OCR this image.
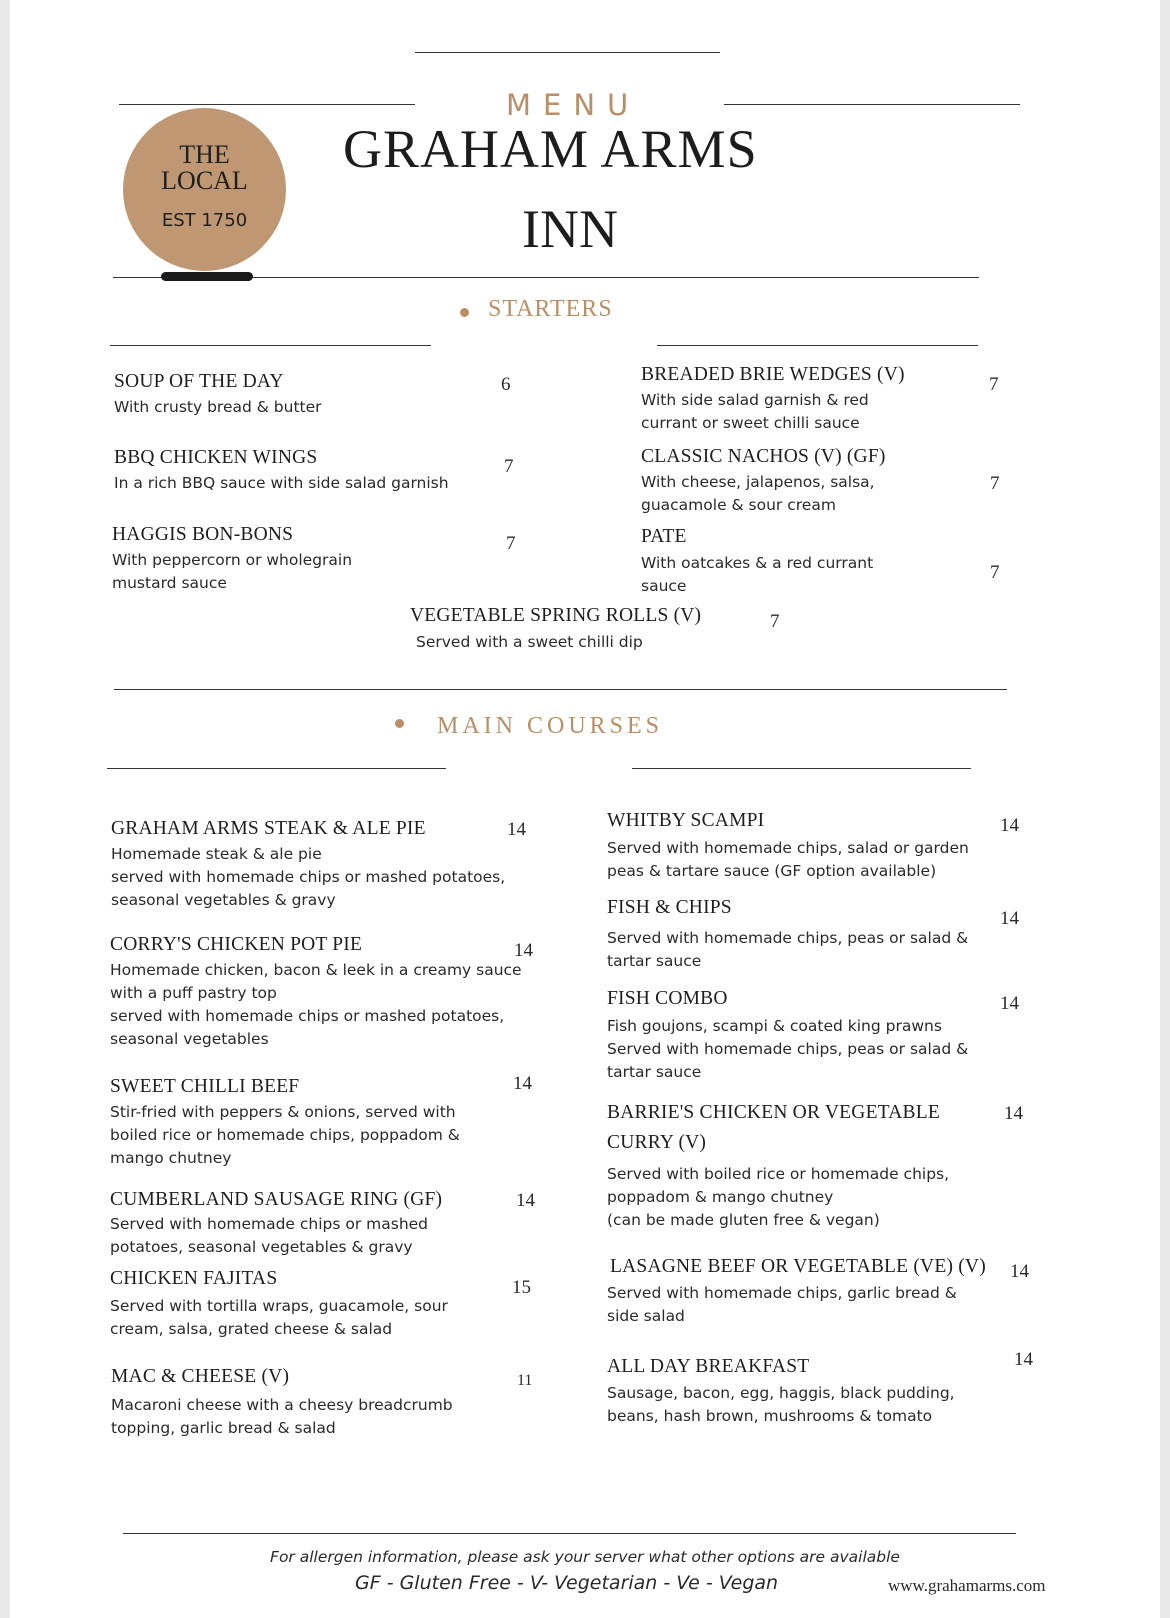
MENU
GRAHAM ARMS
INN
THE
LOCAL
EST 1750
STARTERS
SOUP OF THE DAY
With crusty bread & butter
6
BBQ CHICKEN WINGS
In a rich BBQ sauce with side salad garnish
7
HAGGIS BON-BONS
With peppercorn or wholegrain
mustard sauce
7
BREADED BRIE WEDGES (V)
With side salad garnish & red
currant or sweet chilli sauce
7
CLASSIC NACHOS (V) (GF)
With cheese, jalapenos, salsa,
guacamole & sour cream
7
PATE
With oatcakes & a red currant
sauce
7
VEGETABLE SPRING ROLLS (V)
Served with a sweet chilli dip
7
MAIN COURSES
GRAHAM ARMS STEAK & ALE PIE
Homemade steak & ale pie
served with homemade chips or mashed potatoes,
seasonal vegetables & gravy
14
CORRY'S CHICKEN POT PIE
Homemade chicken, bacon & leek in a creamy sauce
with a puff pastry top
served with homemade chips or mashed potatoes,
seasonal vegetables
14
SWEET CHILLI BEEF
Stir-fried with peppers & onions, served with
boiled rice or homemade chips, poppadom &
mango chutney
14
CUMBERLAND SAUSAGE RING (GF)
Served with homemade chips or mashed
potatoes, seasonal vegetables & gravy
14
CHICKEN FAJITAS
Served with tortilla wraps, guacamole, sour
cream, salsa, grated cheese & salad
15
MAC & CHEESE (V)
Macaroni cheese with a cheesy breadcrumb
topping, garlic bread & salad
11
WHITBY SCAMPI
Served with homemade chips, salad or garden
peas & tartare sauce (GF option available)
14
FISH & CHIPS
Served with homemade chips, peas or salad &
tartar sauce
14
FISH COMBO
Fish goujons, scampi & coated king prawns
Served with homemade chips, peas or salad &
tartar sauce
14
BARRIE'S CHICKEN OR VEGETABLE
CURRY (V)
Served with boiled rice or homemade chips,
poppadom & mango chutney
(can be made gluten free & vegan)
14
LASAGNE BEEF OR VEGETABLE (VE) (V)
Served with homemade chips, garlic bread &
side salad
14
ALL DAY BREAKFAST
Sausage, bacon, egg, haggis, black pudding,
beans, hash brown, mushrooms & tomato
14
For allergen information, please ask your server what other options are available
GF - Gluten Free - V- Vegetarian - Ve - Vegan	www.grahamarms.com
